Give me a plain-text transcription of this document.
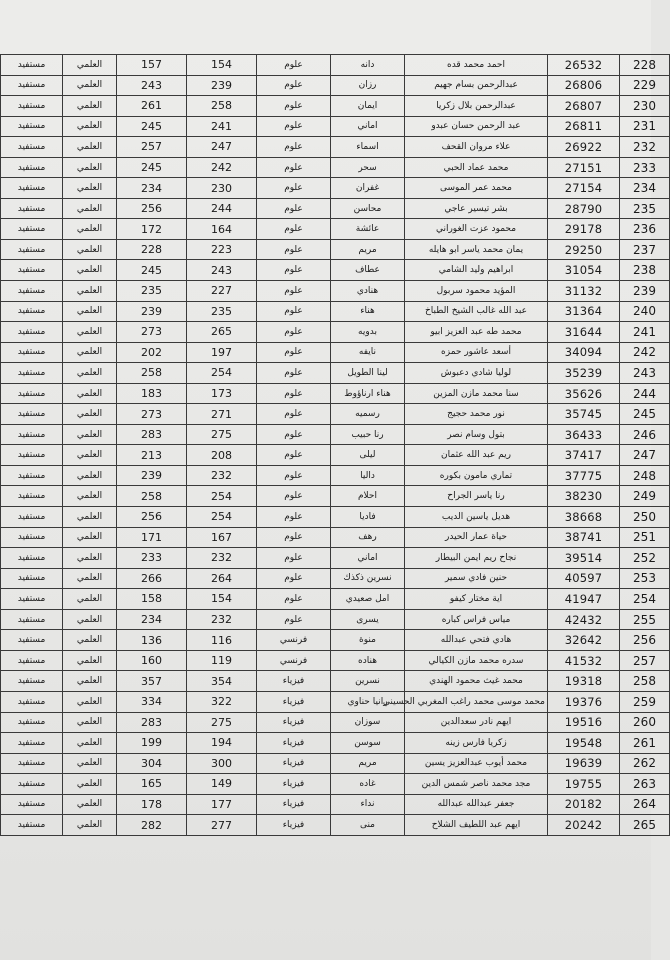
مستفيد	العلمي	157	154	علوم	دانه	احمد محمد قده	26532	228
مستفيد	العلمي	243	239	علوم	رزان	عبدالرحمن بسام جهيم	26806	229
مستفيد	العلمي	261	258	علوم	ايمان	عبدالرحمن بلال زكريا	26807	230
مستفيد	العلمي	245	241	علوم	اماني	عبد الرحمن حسان عبدو	26811	231
مستفيد	العلمي	257	247	علوم	اسماء	علاء مروان القحف	26922	232
مستفيد	العلمي	245	242	علوم	سحر	محمد عماد الحبي	27151	233
مستفيد	العلمي	234	230	علوم	غفران	محمد عمر الموسى	27154	234
مستفيد	العلمي	256	244	علوم	محاسن	بشر تيسير عاجي	28790	235
مستفيد	العلمي	172	164	علوم	عائشة	محمود عزت الغوراني	29178	236
مستفيد	العلمي	228	223	علوم	مريم	يمان محمد ياسر ابو هايله	29250	237
مستفيد	العلمي	245	243	علوم	عطاف	ابراهيم وليد الشامي	31054	238
مستفيد	العلمي	235	227	علوم	هنادي	المؤيد محمود سربول	31132	239
مستفيد	العلمي	239	235	علوم	هناء	عبد الله غالب الشيخ الطباخ	31364	240
مستفيد	العلمي	273	265	علوم	بدويه	محمد طه عبد العزيز ابيو	31644	241
مستفيد	العلمي	202	197	علوم	نايفه	أسعد عاشور حمزه	34094	242
مستفيد	العلمي	258	254	علوم	لينا الطويل	لوليا شادي دعبوش	35239	243
مستفيد	العلمي	183	173	علوم	هناء ارناؤوط	سنا محمد مازن المزين	35626	244
مستفيد	العلمي	273	271	علوم	رسميه	نور محمد حجيج	35745	245
مستفيد	العلمي	283	275	علوم	رنا حبيب	بتول وسام نصر	36433	246
مستفيد	العلمي	213	208	علوم	ليلى	ريم عبد الله عثمان	37417	247
مستفيد	العلمي	239	232	علوم	داليا	تماري مامون بكوره	37775	248
مستفيد	العلمي	258	254	علوم	احلام	رنا ياسر الجراح	38230	249
مستفيد	العلمي	256	254	علوم	فاديا	هديل ياسين الديب	38668	250
مستفيد	العلمي	171	167	علوم	رهف	حياة عمار الحيدر	38741	251
مستفيد	العلمي	233	232	علوم	اماني	نجاح ريم ايمن البيطار	39514	252
مستفيد	العلمي	266	264	علوم	نسرين ذكذك	حنين فادي سمير	40597	253
مستفيد	العلمي	158	154	علوم	امل صعيدي	اية مختار كيفو	41947	254
مستفيد	العلمي	234	232	علوم	يسرى	مياس فراس كباره	42432	255
مستفيد	العلمي	136	116	فرنسي	منوة	هادي فتحي عبدالله	32642	256
مستفيد	العلمي	160	119	فرنسي	هناده	سدره محمد مازن الكيالي	41532	257
مستفيد	العلمي	357	354	فيزياء	نسرين	محمد غيث محمود الهندي	19318	258
مستفيد	العلمي	334	322	فيزياء	رانيا حناوي	محمد موسى محمد راغب المغربي الحسيني	19376	259
مستفيد	العلمي	283	275	فيزياء	سوزان	ايهم نادر سعدالدين	19516	260
مستفيد	العلمي	199	194	فيزياء	سوسن	زكريا فارس زينه	19548	261
مستفيد	العلمي	304	300	فيزياء	مريم	محمد أيوب عبدالعزيز يسين	19639	262
مستفيد	العلمي	165	149	فيزياء	غاده	مجد محمد ناصر شمس الدين	19755	263
مستفيد	العلمي	178	177	فيزياء	نداء	جعفر عبدالله عبدالله	20182	264
مستفيد	العلمي	282	277	فيزياء	منى	ايهم عبد اللطيف الشلاح	20242	265
